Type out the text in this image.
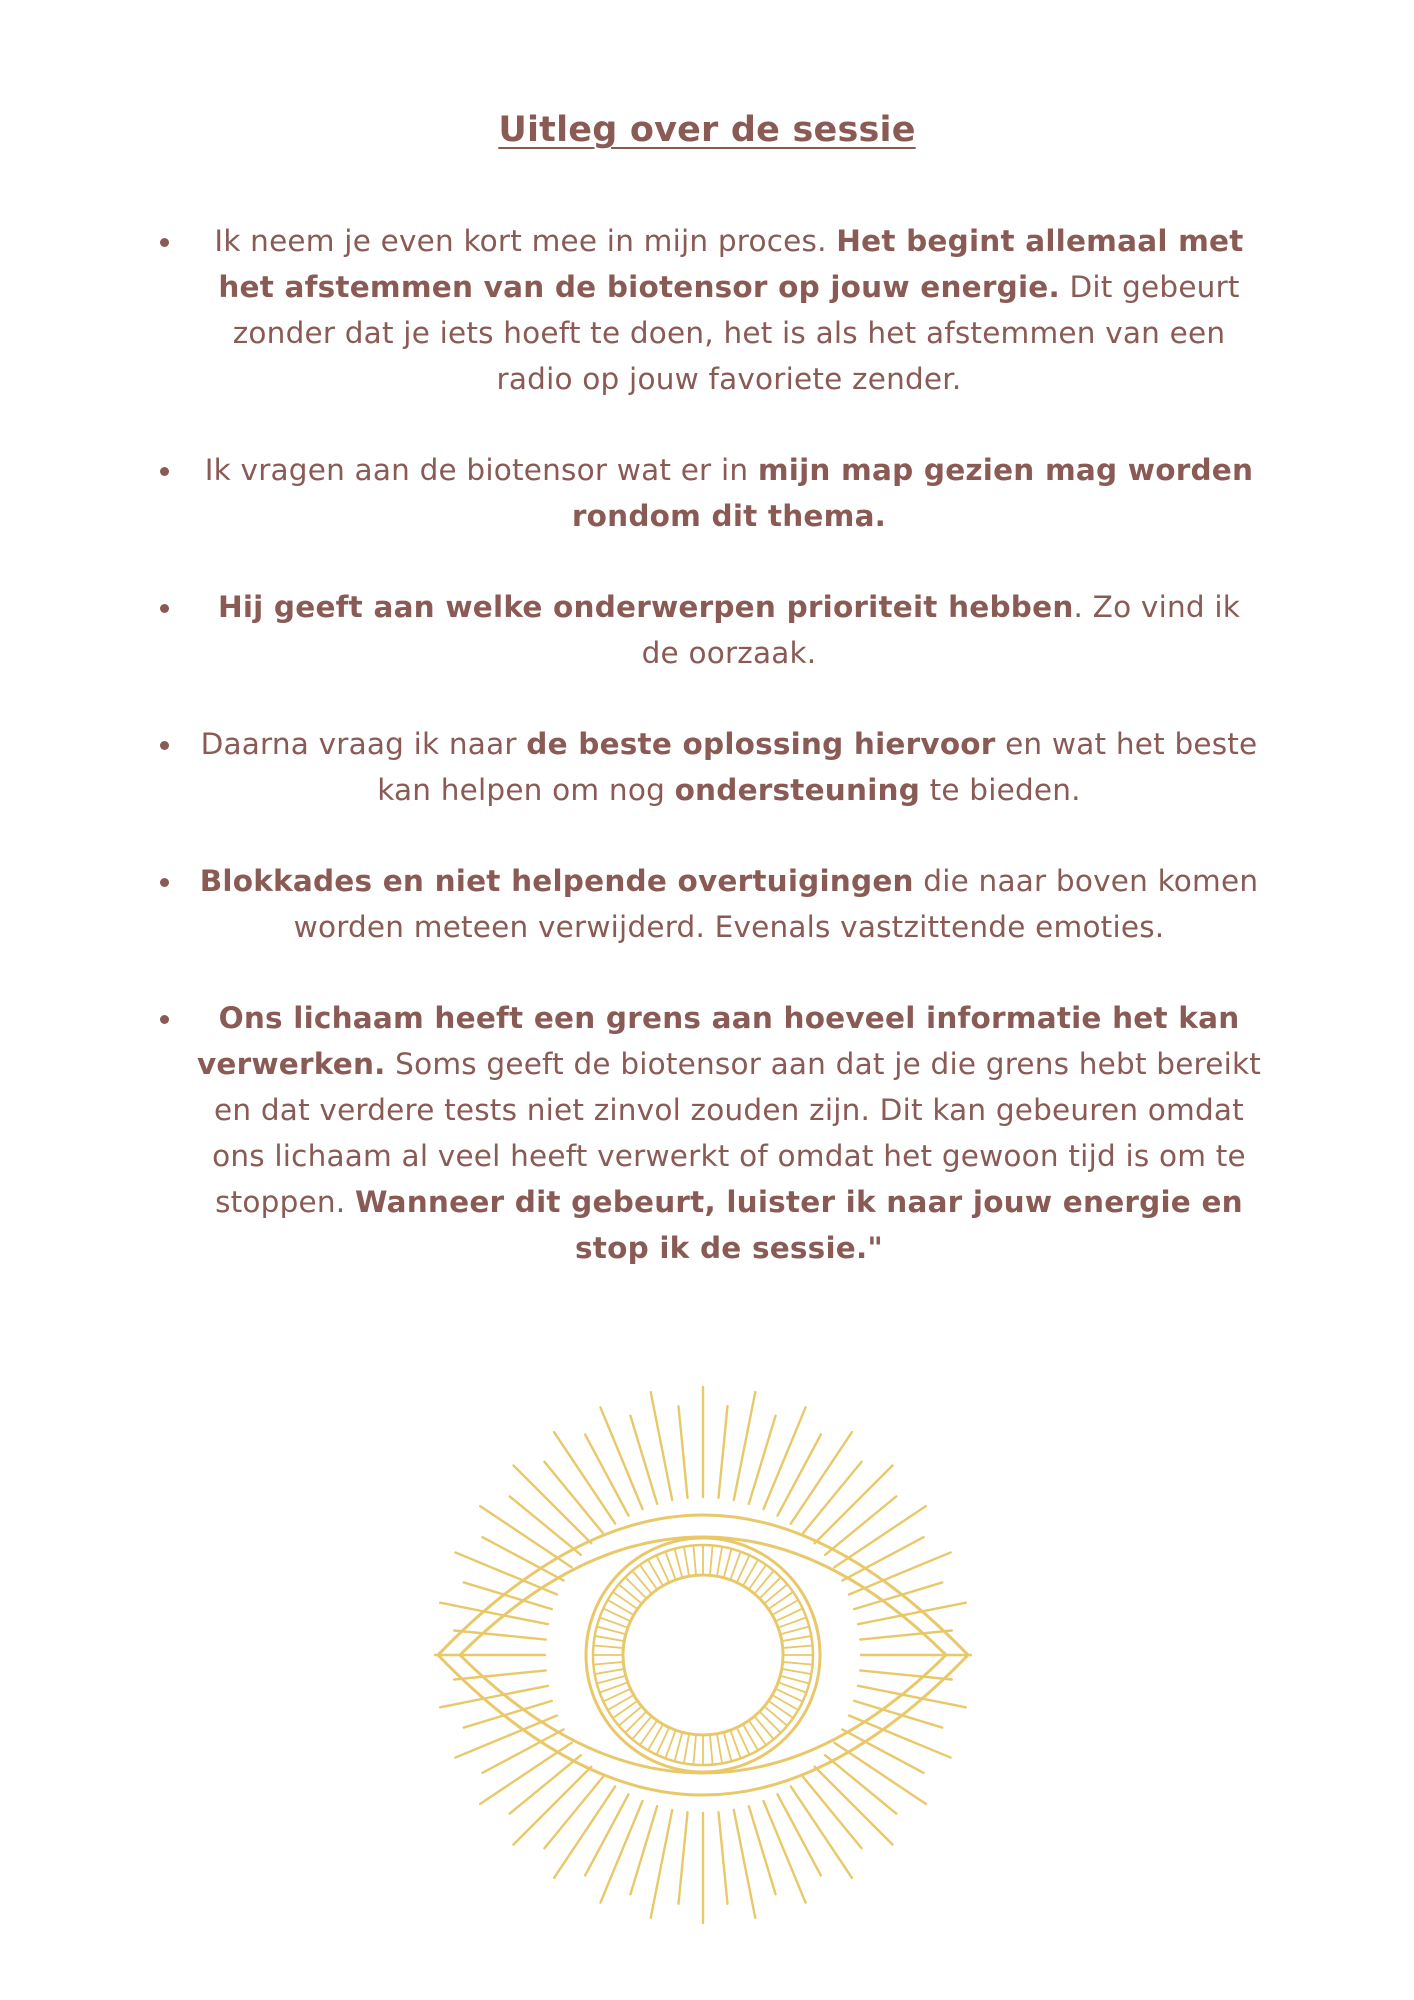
Uitleg over de sessie
Ik neem je even kort mee in mijn proces. Het begint allemaal met het afstemmen van de biotensor op jouw energie. Dit gebeurt zonder dat je iets hoeft te doen, het is als het afstemmen van een radio op jouw favoriete zender.
Ik vragen aan de biotensor wat er in mijn map gezien mag worden rondom dit thema.
Hij geeft aan welke onderwerpen prioriteit hebben. Zo vind ik de oorzaak.
Daarna vraag ik naar de beste oplossing hiervoor en wat het beste kan helpen om nog ondersteuning te bieden.
Blokkades en niet helpende overtuigingen die naar boven komen worden meteen verwijderd. Evenals vastzittende emoties.
Ons lichaam heeft een grens aan hoeveel informatie het kan verwerken. Soms geeft de biotensor aan dat je die grens hebt bereikt en dat verdere tests niet zinvol zouden zijn. Dit kan gebeuren omdat ons lichaam al veel heeft verwerkt of omdat het gewoon tijd is om te stoppen. Wanneer dit gebeurt, luister ik naar jouw energie en stop ik de sessie."
